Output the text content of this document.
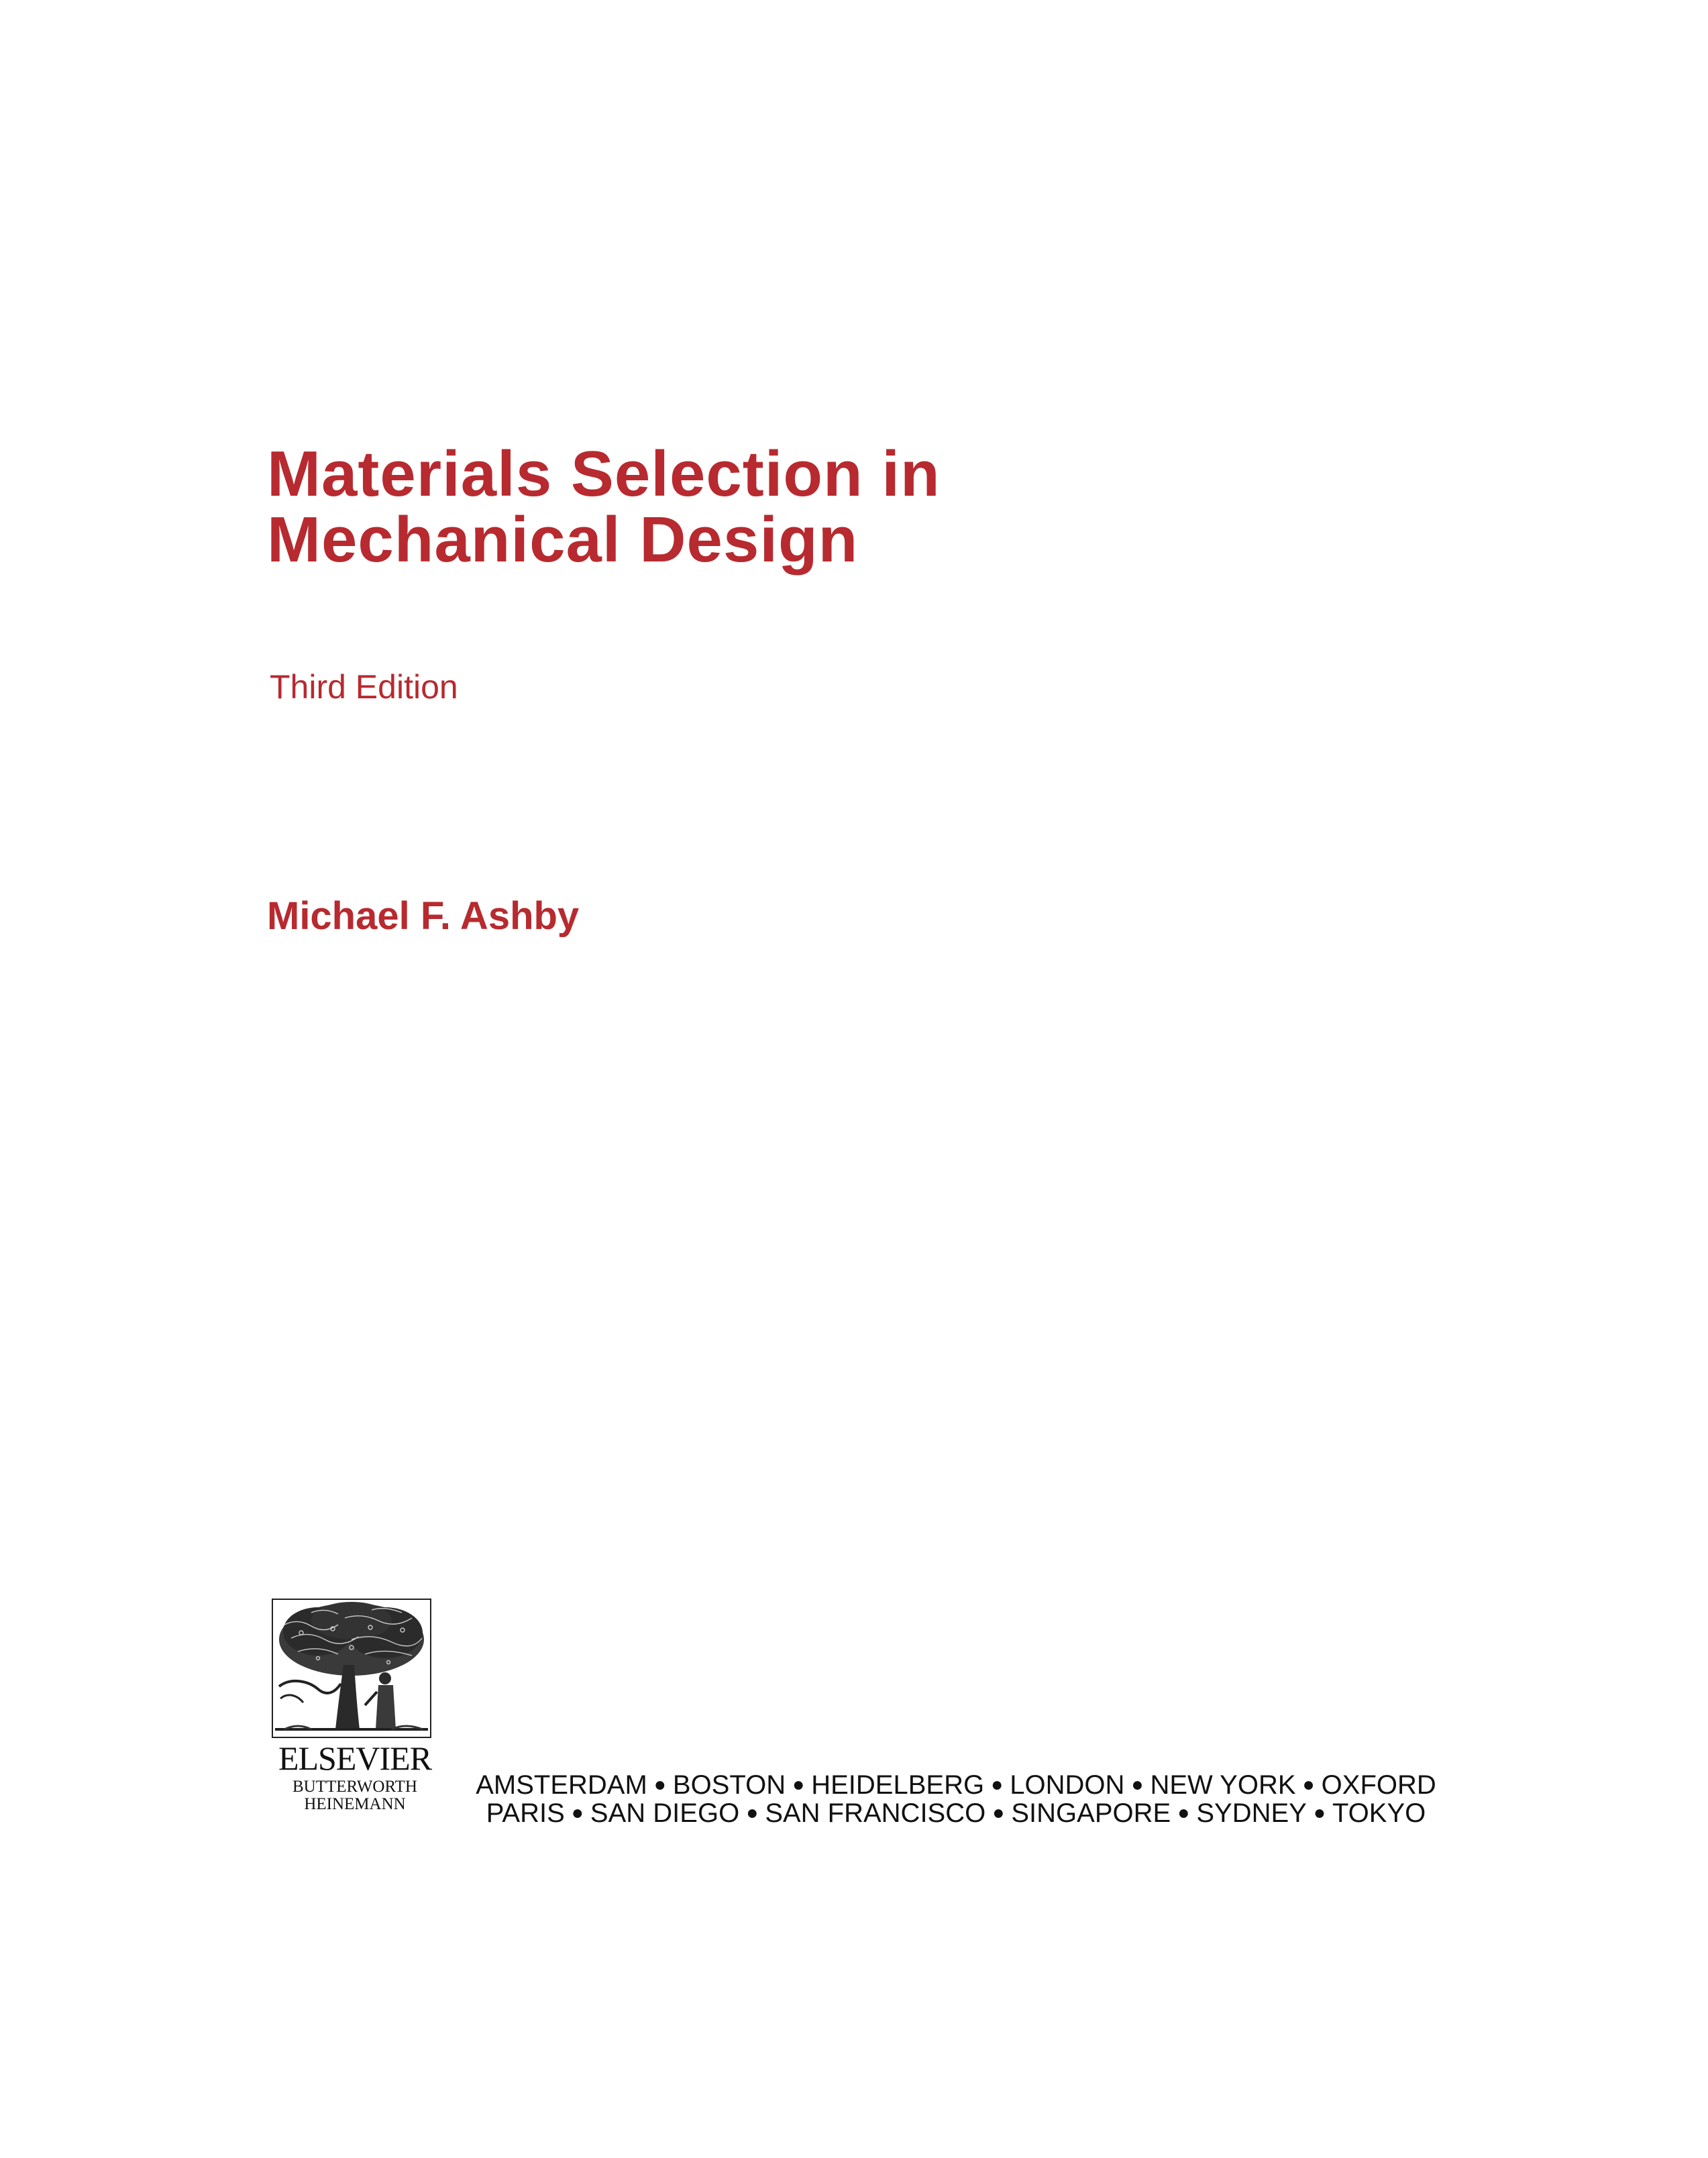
Materials Selection in
Mechanical Design

Third Edition

Michael F. Ashby

ELSEVIER
BUTTERWORTH
HEINEMANN
AMSTERDAM ● BOSTON ● HEIDELBERG ● LONDON ● NEW YORK ● OXFORD
PARIS ● SAN DIEGO ● SAN FRANCISCO ● SINGAPORE ● SYDNEY ● TOKYO
